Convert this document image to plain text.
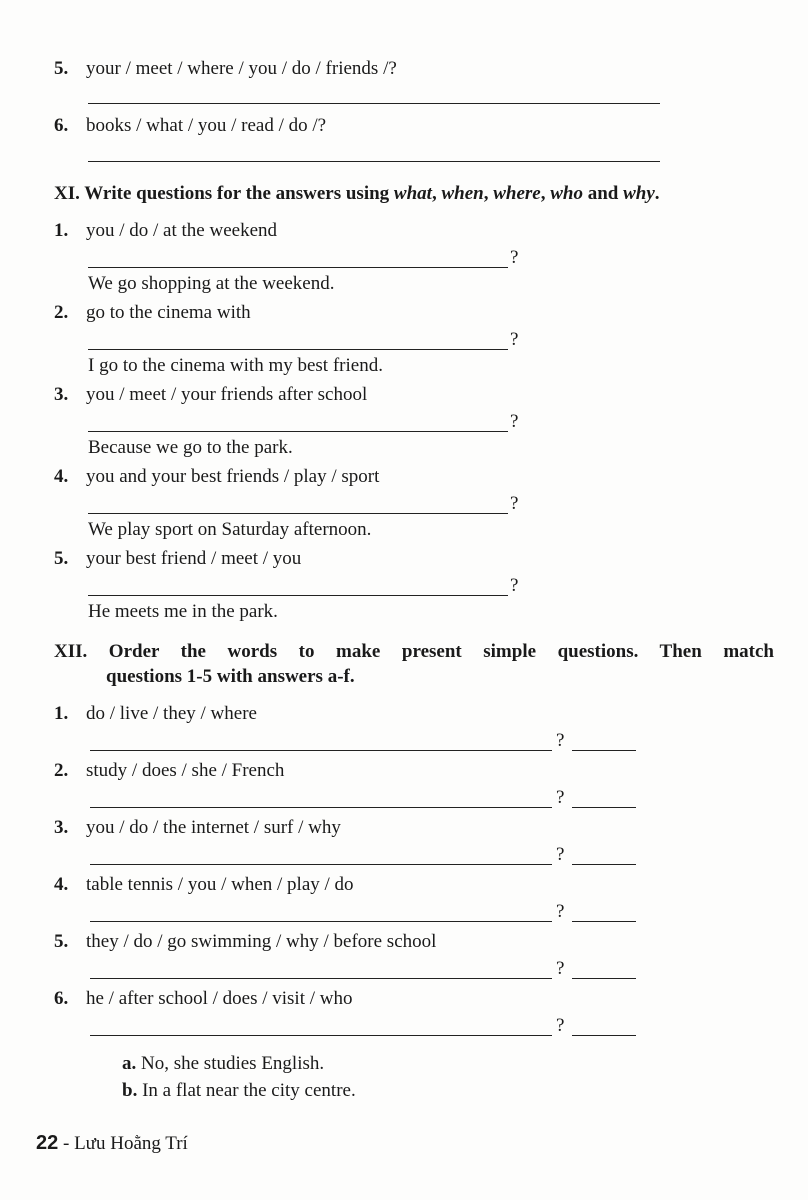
5. your / meet / where / you / do / friends /?
6. books / what / you / read / do /?
XI. Write questions for the answers using what, when, where, who and why.
1. you / do / at the weekend
?
We go shopping at the weekend.
2. go to the cinema with
?
I go to the cinema with my best friend.
3. you / meet / your friends after school
?
Because we go to the park.
4. you and your best friends / play / sport
?
We play sport on Saturday afternoon.
5. your best friend / meet / you
?
He meets me in the park.
XII. Order the words to make present simple questions. Then match
questions 1-5 with answers a-f.
1. do / live / they / where
?
2. study / does / she / French
?
3. you / do / the internet / surf / why
?
4. table tennis / you / when / play / do
?
5. they / do / go swimming / why / before school
?
6. he / after school / does / visit / who
?
a. No, she studies English.
b. In a flat near the city centre.
22 - Lưu Hoằng Trí
